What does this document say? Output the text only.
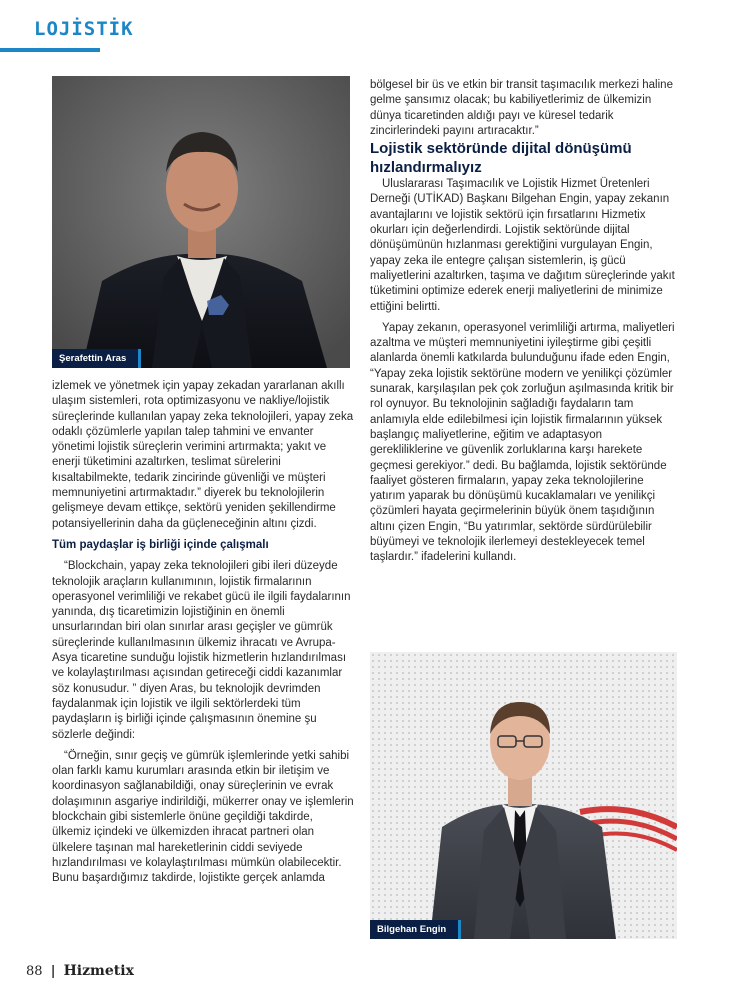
LOJİSTİK
Şerafettin Aras

izlemek ve yönetmek için yapay zekadan yararlanan akıllı ulaşım sistemleri, rota optimizasyonu ve nakliye/lojistik süreçlerinde kullanılan yapay zeka teknolojileri, yapay zeka odaklı çözümlerle yapılan talep tahmini ve envanter yönetimi lojistik süreçlerin verimini artırmakta; yakıt ve enerji tüketimini azaltırken, teslimat sürelerini kısaltabilmekte, tedarik zincirinde güvenliği ve müşteri memnuniyetini artırmaktadır.” diyerek bu teknolojilerin gelişmeye devam ettikçe, sektörü yeniden şekillendirme potansiyellerinin daha da güçleneceğinin altını çizdi.

Tüm paydaşlar iş birliği içinde çalışmalı

“Blockchain, yapay zeka teknolojileri gibi ileri düzeyde teknolojik araçların kullanımının, lojistik firmalarının operasyonel verimliliği ve rekabet gücü ile ilgili faydalarının yanında, dış ticaretimizin lojistiğinin en önemli unsurlarından biri olan sınırlar arası geçişler ve gümrük süreçlerinde kullanılmasının ülkemiz ihracatı ve Avrupa-Asya ticaretine sunduğu lojistik hizmetlerin hızlandırılması ve kolaylaştırılması açısından getireceği ciddi kazanımlar söz konusudur. ” diyen Aras, bu teknolojik devrimden faydalanmak için lojistik ve ilgili sektörlerdeki tüm paydaşların iş birliği içinde çalışmasının önemine şu sözlerle değindi:

“Örneğin, sınır geçiş ve gümrük işlemlerinde yetki sahibi olan farklı kamu kurumları arasında etkin bir iletişim ve koordinasyon sağlanabildiği, onay süreçlerinin ve evrak dolaşımının asgariye indirildiği, mükerrer onay ve işlemlerin blockchain gibi sistemlerle önüne geçildiği takdirde, ülkemiz içindeki ve ülkemizden ihracat partneri olan ülkelere taşınan mal hareketlerinin ciddi seviyede hızlandırılması ve kolaylaştırılması mümkün olabilecektir. Bunu başardığımız takdirde, lojistikte gerçek anlamda

bölgesel bir üs ve etkin bir transit taşımacılık merkezi haline gelme şansımız olacak; bu kabiliyetlerimiz de ülkemizin dünya ticaretinden aldığı payı ve küresel tedarik zincirlerindeki payını artıracaktır.”

Lojistik sektöründe dijital dönüşümü hızlandırmalıyız

Uluslararası Taşımacılık ve Lojistik Hizmet Üretenleri Derneği (UTİKAD) Başkanı Bilgehan Engin, yapay zekanın avantajlarını ve lojistik sektörü için fırsatlarını Hizmetix okurları için değerlendirdi. Lojistik sektöründe dijital dönüşümünün hızlanması gerektiğini vurgulayan Engin, yapay zeka ile entegre çalışan sistemlerin, iş gücü maliyetlerini azaltırken, taşıma ve dağıtım süreçlerinde yakıt tüketimini optimize ederek enerji maliyetlerini de minimize ettiğini belirtti.

Yapay zekanın, operasyonel verimliliği artırma, maliyetleri azaltma ve müşteri memnuniyetini iyileştirme gibi çeşitli alanlarda önemli katkılarda bulunduğunu ifade eden Engin, “Yapay zeka lojistik sektörüne modern ve yenilikçi çözümler sunarak, karşılaşılan pek çok zorluğun aşılmasında kritik bir rol oynuyor. Bu teknolojinin sağladığı faydaların tam anlamıyla elde edilebilmesi için lojistik firmalarının yüksek başlangıç maliyetlerine, eğitim ve adaptasyon gerekliliklerine ve güvenlik zorluklarına karşı harekete geçmesi gerekiyor.” dedi. Bu bağlamda, lojistik sektöründe faaliyet gösteren firmaların, yapay zeka teknolojilerine yatırım yaparak bu dönüşümü kucaklamaları ve yenilikçi çözümleri hayata geçirmelerinin büyük önem taşıdığının altını çizen Engin, “Bu yatırımlar, sektörde sürdürülebilir büyümeyi ve teknolojik ilerlemeyi destekleyecek temel taşlardır.” ifadelerini kullandı.

Bilgehan Engin
88 | Hizmetix
